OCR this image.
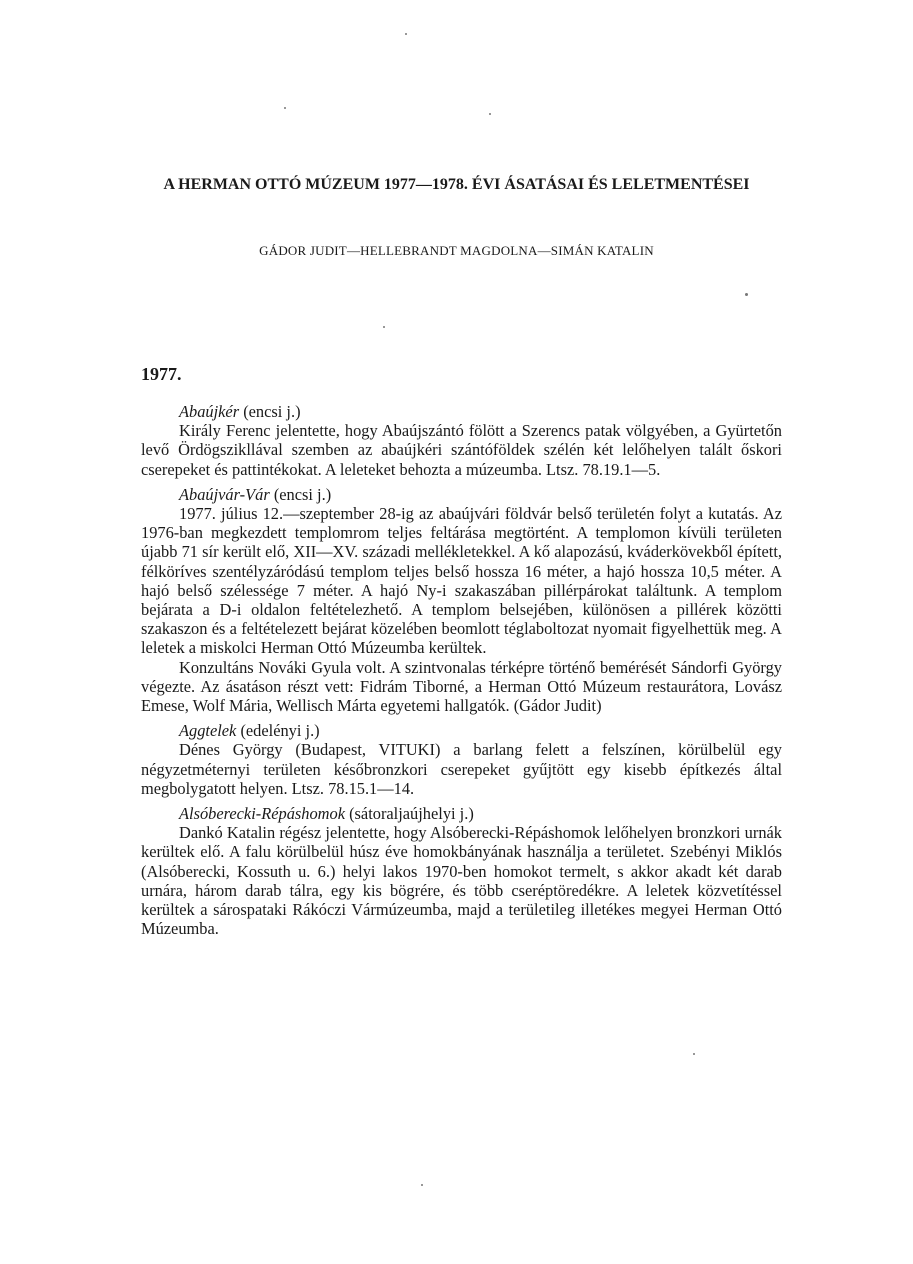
A HERMAN OTTÓ MÚZEUM 1977—1978. ÉVI ÁSATÁSAI ÉS LELETMENTÉSEI
GÁDOR JUDIT—HELLEBRANDT MAGDOLNA—SIMÁN KATALIN
1977.
Abaújkér (encsi j.)

Király Ferenc jelentette, hogy Abaújszántó fölött a Szerencs patak völgyében, a Gyürtetőn levő Ördögszikllával szemben az abaújkéri szántóföldek szélén két lelőhelyen talált őskori cserepeket és pattintékokat. A leleteket behozta a múzeumba. Ltsz. 78.19.1—5.

Abaújvár-Vár (encsi j.)

1977. július 12.—szeptember 28-ig az abaújvári földvár belső területén folyt a kutatás. Az 1976-ban megkezdett templomrom teljes feltárása megtörtént. A templomon kívüli területen újabb 71 sír került elő, XII—XV. századi mellékletekkel. A kő alapozású, kváderkövekből épített, félköríves szentélyzáródású templom teljes belső hossza 16 méter, a hajó hossza 10,5 méter. A hajó belső szélessége 7 méter. A hajó Ny-i szakaszában pillérpárokat találtunk. A templom bejárata a D-i oldalon feltételezhető. A templom belsejében, különösen a pillérek közötti szakaszon és a feltételezett bejárat közelében beomlott téglaboltozat nyomait figyelhettük meg. A leletek a miskolci Herman Ottó Múzeumba kerültek.

Konzultáns Nováki Gyula volt. A szintvonalas térképre történő bemérését Sándorfi György végezte. Az ásatáson részt vett: Fidrám Tiborné, a Herman Ottó Múzeum restaurátora, Lovász Emese, Wolf Mária, Wellisch Márta egyetemi hallgatók. (Gádor Judit)

Aggtelek (edelényi j.)

Dénes György (Budapest, VITUKI) a barlang felett a felszínen, körülbelül egy négyzetméternyi területen későbronzkori cserepeket gyűjtött egy kisebb építkezés által megbolygatott helyen. Ltsz. 78.15.1—14.

Alsóberecki-Répáshomok (sátoraljaújhelyi j.)

Dankó Katalin régész jelentette, hogy Alsóberecki-Répáshomok lelőhelyen bronzkori urnák kerültek elő. A falu körülbelül húsz éve homokbányának használja a területet. Szebényi Miklós (Alsóberecki, Kossuth u. 6.) helyi lakos 1970-ben homokot termelt, s akkor akadt két darab urnára, három darab tálra, egy kis bögrére, és több cseréptöredékre. A leletek közvetítéssel kerültek a sárospataki Rákóczi Vármúzeumba, majd a területileg illetékes megyei Herman Ottó Múzeumba.
